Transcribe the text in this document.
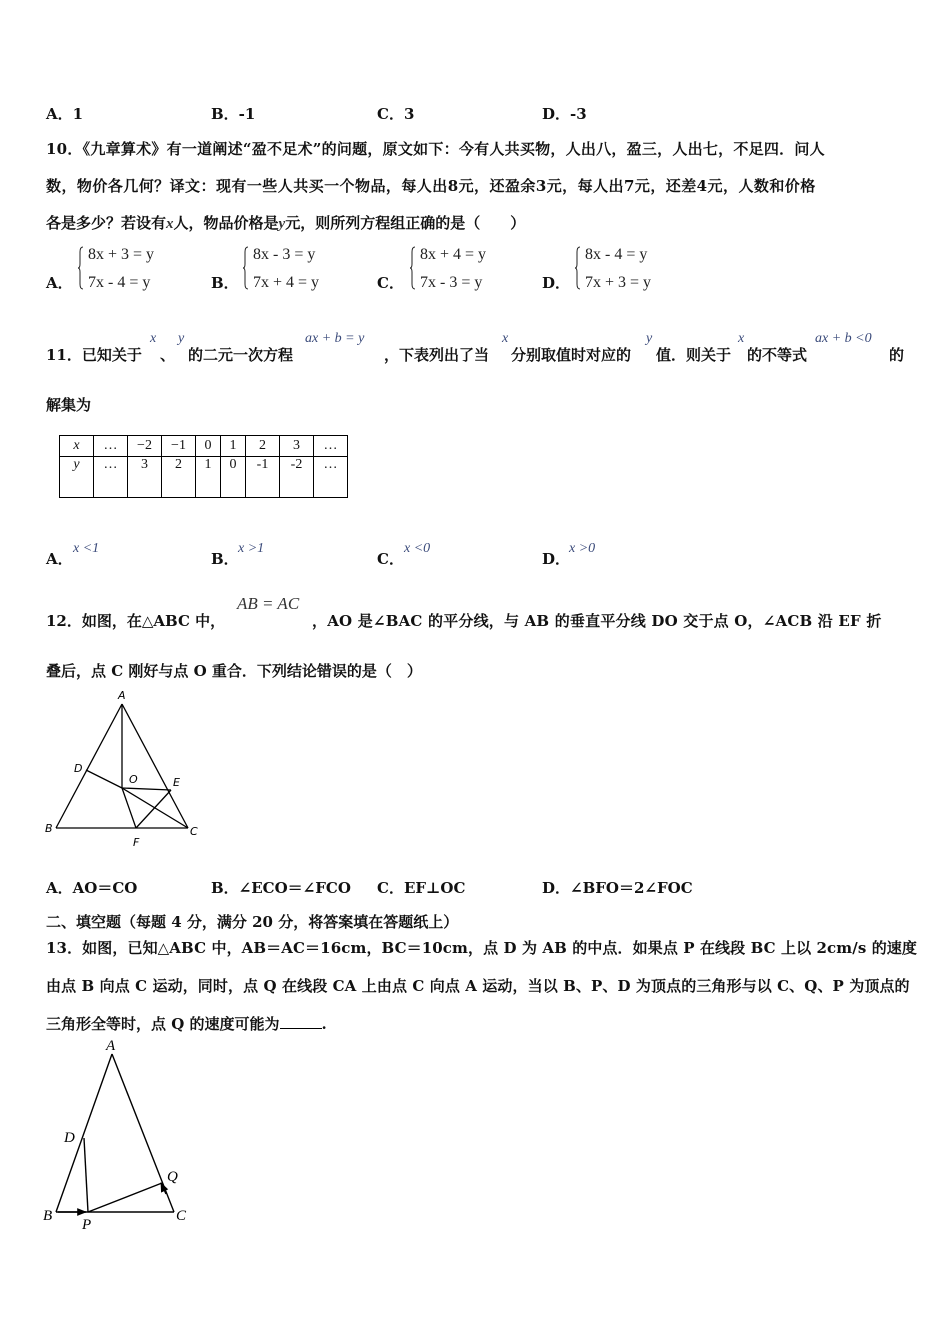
A．1	B．-1	C．3	D．-3
10．《九章算术》有一道阐述“盈不足术”的问题，原文如下：今有人共买物，人出八，盈三，人出七，不足四．问人
数，物价各几何？译文：现有一些人共买一个物品，每人出8元，还盈余3元，每人出7元，还差4元，人数和价格
各是多少？若设有x人，物品价格是y元，则所列方程组正确的是（　　）
A．
8x + 3 = y
7x - 4 = y	B．
8x - 3 = y
7x + 4 = y	C．
8x + 4 = y
7x - 3 = y	D．
8x - 4 = y
7x + 3 = y
11．已知关于
x
、
y
的二元一次方程
ax + b = y
，下表列出了当
x
分别取值时对应的
y
值．则关于
x
的不等式
ax + b <0
的
解集为
x	…	−2	−1	0	1	2	3	…
y	…	3	2	1	0	-1	-2	…
A．
x <1
B．
x >1
C．
x <0
D．
x >0
12．如图，在△ABC 中，
AB = AC
，AO 是∠BAC 的平分线，与 AB 的垂直平分线 DO 交于点 O，∠ACB 沿 EF 折
叠后，点 C 刚好与点 O 重合．下列结论错误的是（　）
A
B	C
D
E
F
O
A．AO＝CO	B．∠ECO＝∠FCO C．EF⊥OC	D．∠BFO＝2∠FOC
二、填空题（每题 4 分，满分 20 分，将答案填在答题纸上）
13．如图，已知△ABC 中，AB＝AC＝16cm，BC＝10cm，点 D 为 AB 的中点．如果点 P 在线段 BC 上以 2cm/s 的速度
由点 B 向点 C 运动，同时，点 Q 在线段 CA 上由点 C 向点 A 运动，当以 B、P、D 为顶点的三角形与以 C、Q、P 为顶点的
三角形全等时，点 Q 的速度可能为	.
A
B	C
D
P
Q
